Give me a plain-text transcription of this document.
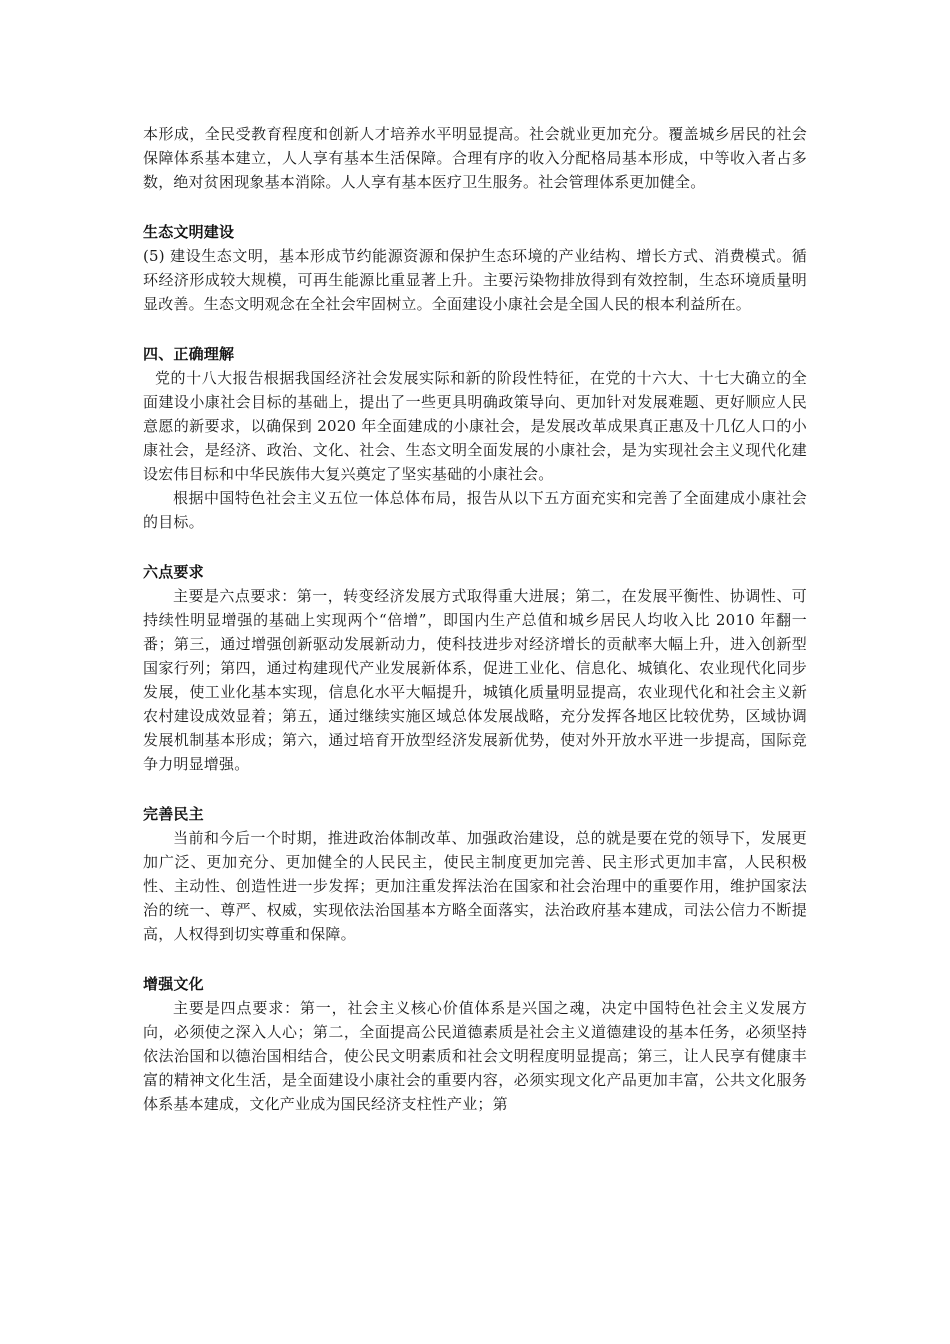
本形成，全民受教育程度和创新人才培养水平明显提高。社会就业更加充分。覆盖城乡居民的社会保障体系基本建立，人人享有基本生活保障。合理有序的收入分配格局基本形成，中等收入者占多数，绝对贫困现象基本消除。人人享有基本医疗卫生服务。社会管理体系更加健全。

生态文明建设

(5) 建设生态文明，基本形成节约能源资源和保护生态环境的产业结构、增长方式、消费模式。循环经济形成较大规模，可再生能源比重显著上升。主要污染物排放得到有效控制，生态环境质量明显改善。生态文明观念在全社会牢固树立。全面建设小康社会是全国人民的根本利益所在。

四、正确理解

党的十八大报告根据我国经济社会发展实际和新的阶段性特征，在党的十六大、十七大确立的全面建设小康社会目标的基础上，提出了一些更具明确政策导向、更加针对发展难题、更好顺应人民意愿的新要求，以确保到 2020 年全面建成的小康社会，是发展改革成果真正惠及十几亿人口的小康社会，是经济、政治、文化、社会、生态文明全面发展的小康社会，是为实现社会主义现代化建设宏伟目标和中华民族伟大复兴奠定了坚实基础的小康社会。

根据中国特色社会主义五位一体总体布局，报告从以下五方面充实和完善了全面建成小康社会的目标。

六点要求

主要是六点要求：第一，转变经济发展方式取得重大进展；第二，在发展平衡性、协调性、可持续性明显增强的基础上实现两个“倍增”，即国内生产总值和城乡居民人均收入比 2010 年翻一番；第三，通过增强创新驱动发展新动力，使科技进步对经济增长的贡献率大幅上升，进入创新型国家行列；第四，通过构建现代产业发展新体系，促进工业化、信息化、城镇化、农业现代化同步发展，使工业化基本实现，信息化水平大幅提升，城镇化质量明显提高，农业现代化和社会主义新农村建设成效显着；第五，通过继续实施区域总体发展战略，充分发挥各地区比较优势，区域协调发展机制基本形成；第六，通过培育开放型经济发展新优势，使对外开放水平进一步提高，国际竞争力明显增强。

完善民主

当前和今后一个时期，推进政治体制改革、加强政治建设，总的就是要在党的领导下，发展更加广泛、更加充分、更加健全的人民民主，使民主制度更加完善、民主形式更加丰富，人民积极性、主动性、创造性进一步发挥；更加注重发挥法治在国家和社会治理中的重要作用，维护国家法治的统一、尊严、权威，实现依法治国基本方略全面落实，法治政府基本建成，司法公信力不断提高，人权得到切实尊重和保障。

增强文化

主要是四点要求：第一，社会主义核心价值体系是兴国之魂，决定中国特色社会主义发展方向，必须使之深入人心；第二，全面提高公民道德素质是社会主义道德建设的基本任务，必须坚持依法治国和以德治国相结合，使公民文明素质和社会文明程度明显提高；第三，让人民享有健康丰富的精神文化生活，是全面建设小康社会的重要内容，必须实现文化产品更加丰富，公共文化服务体系基本建成，文化产业成为国民经济支柱性产业；第
